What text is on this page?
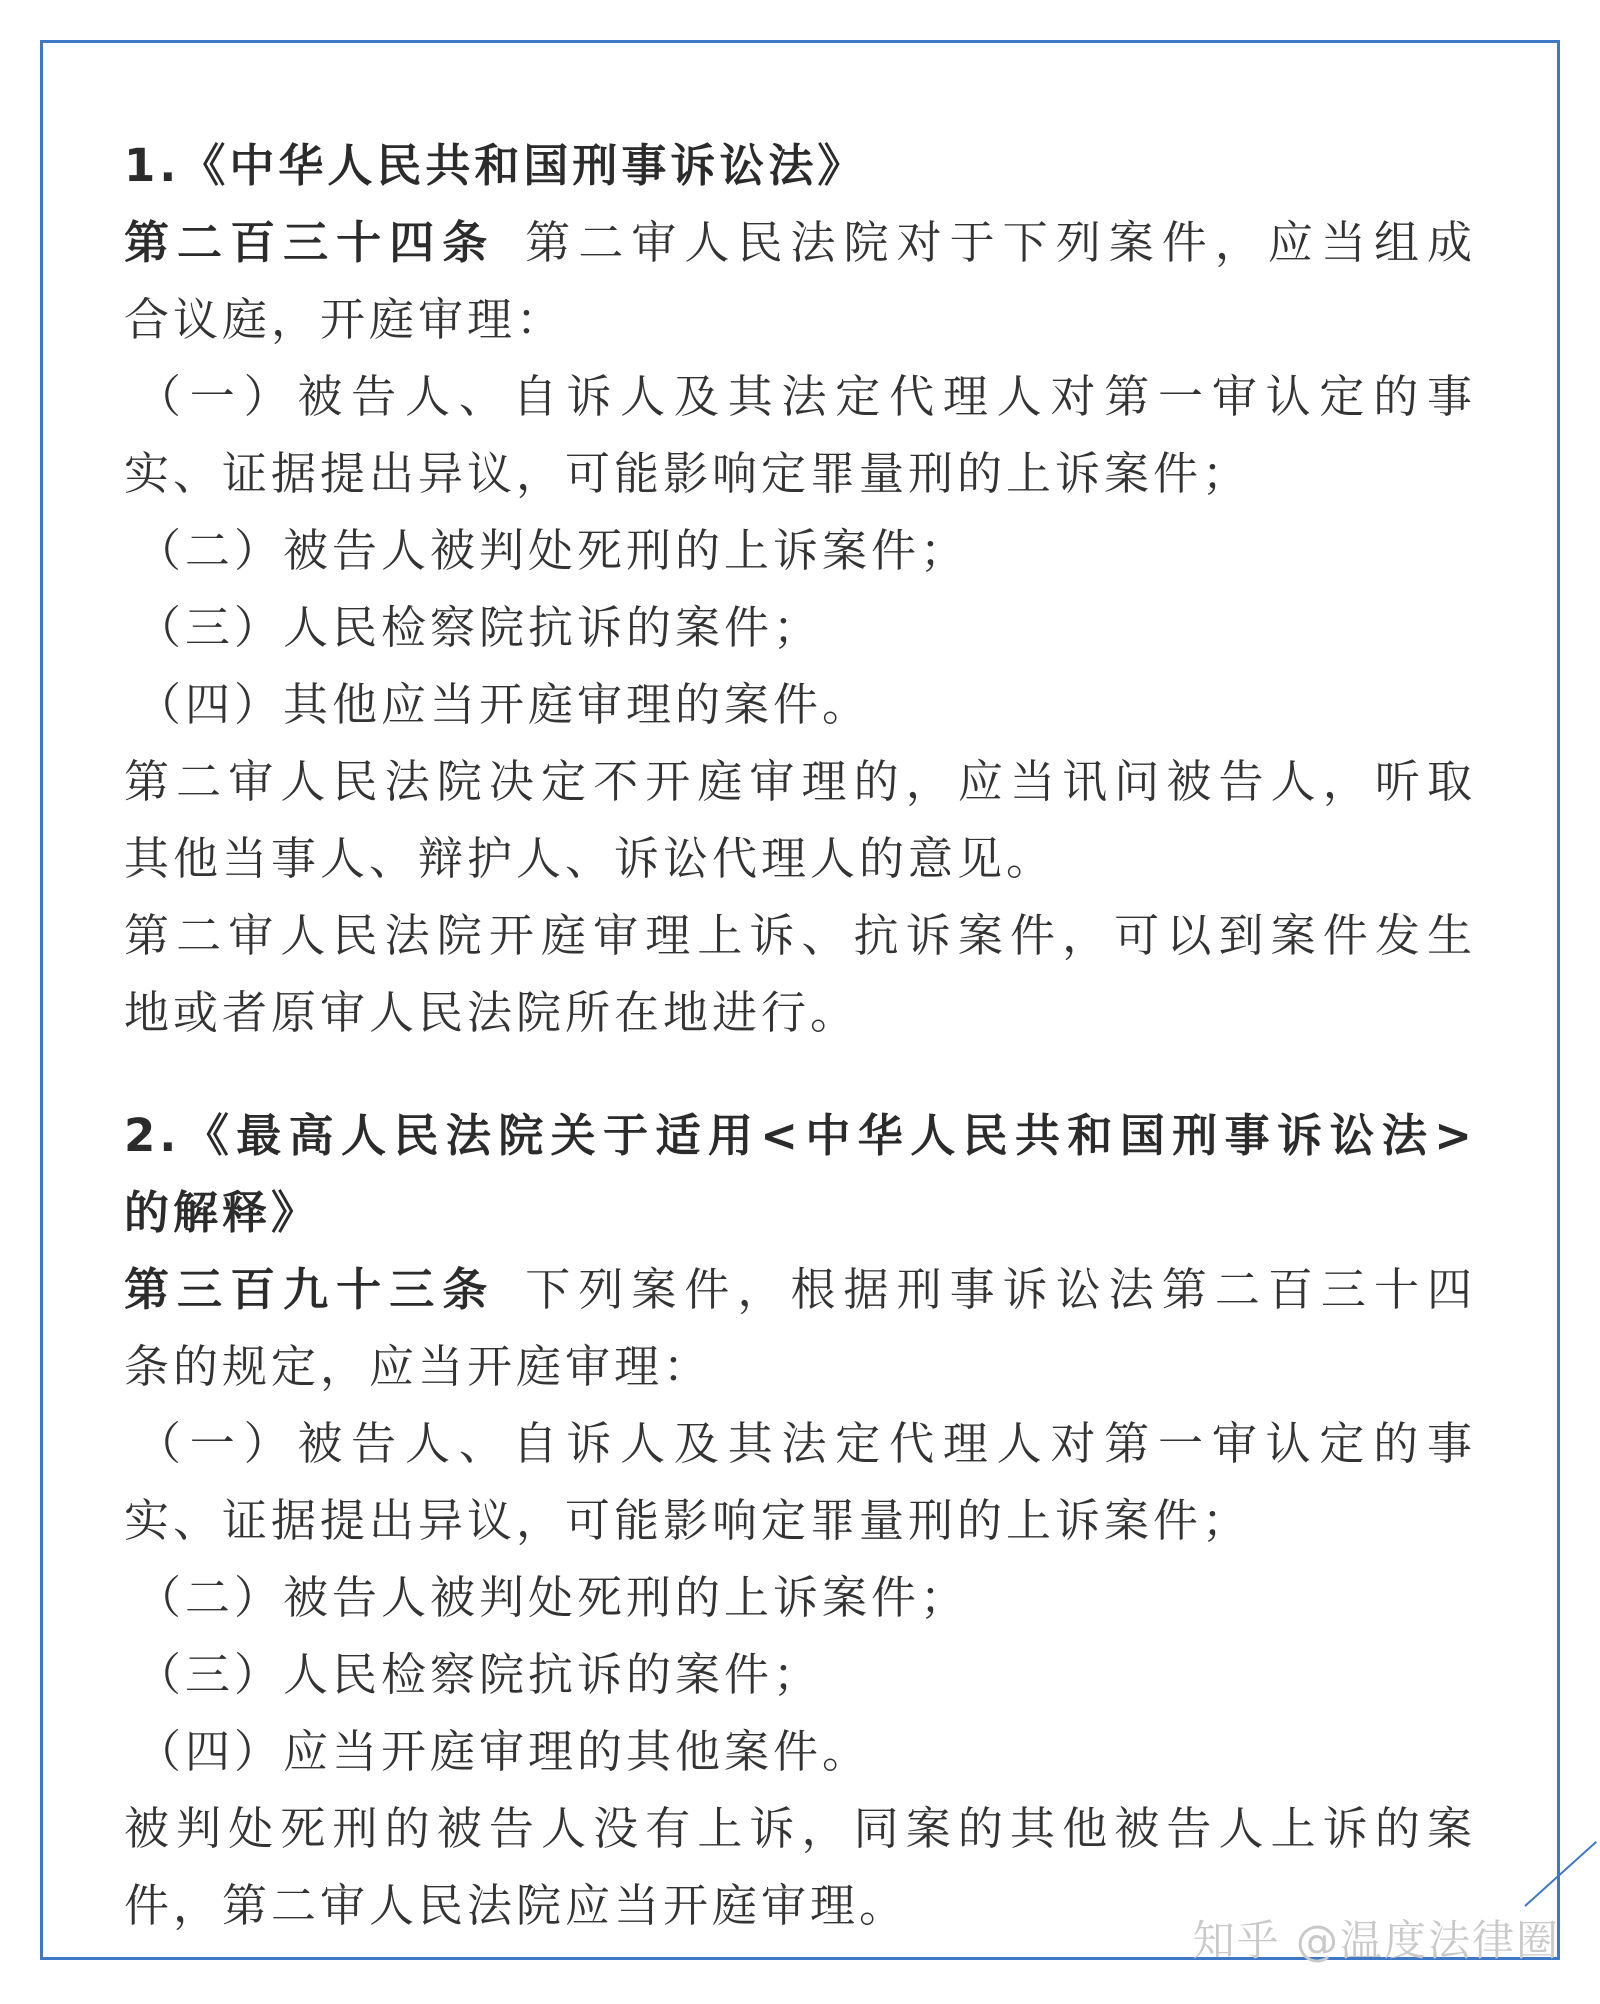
1.《中华人民共和国刑事诉讼法》
第二百三十四条 第二审人民法院对于下列案件，应当组成
合议庭，开庭审理：
（一）被告人、自诉人及其法定代理人对第一审认定的事
实、证据提出异议，可能影响定罪量刑的上诉案件；
（二）被告人被判处死刑的上诉案件；
（三）人民检察院抗诉的案件；
（四）其他应当开庭审理的案件。
第二审人民法院决定不开庭审理的，应当讯问被告人，听取
其他当事人、辩护人、诉讼代理人的意见。
第二审人民法院开庭审理上诉、抗诉案件，可以到案件发生
地或者原审人民法院所在地进行。
2.《最高人民法院关于适用<中华人民共和国刑事诉讼法>
的解释》
第三百九十三条 下列案件，根据刑事诉讼法第二百三十四
条的规定，应当开庭审理：
（一）被告人、自诉人及其法定代理人对第一审认定的事
实、证据提出异议，可能影响定罪量刑的上诉案件；
（二）被告人被判处死刑的上诉案件；
（三）人民检察院抗诉的案件；
（四）应当开庭审理的其他案件。
被判处死刑的被告人没有上诉，同案的其他被告人上诉的案
件，第二审人民法院应当开庭审理。
知乎 @温度法律圈
